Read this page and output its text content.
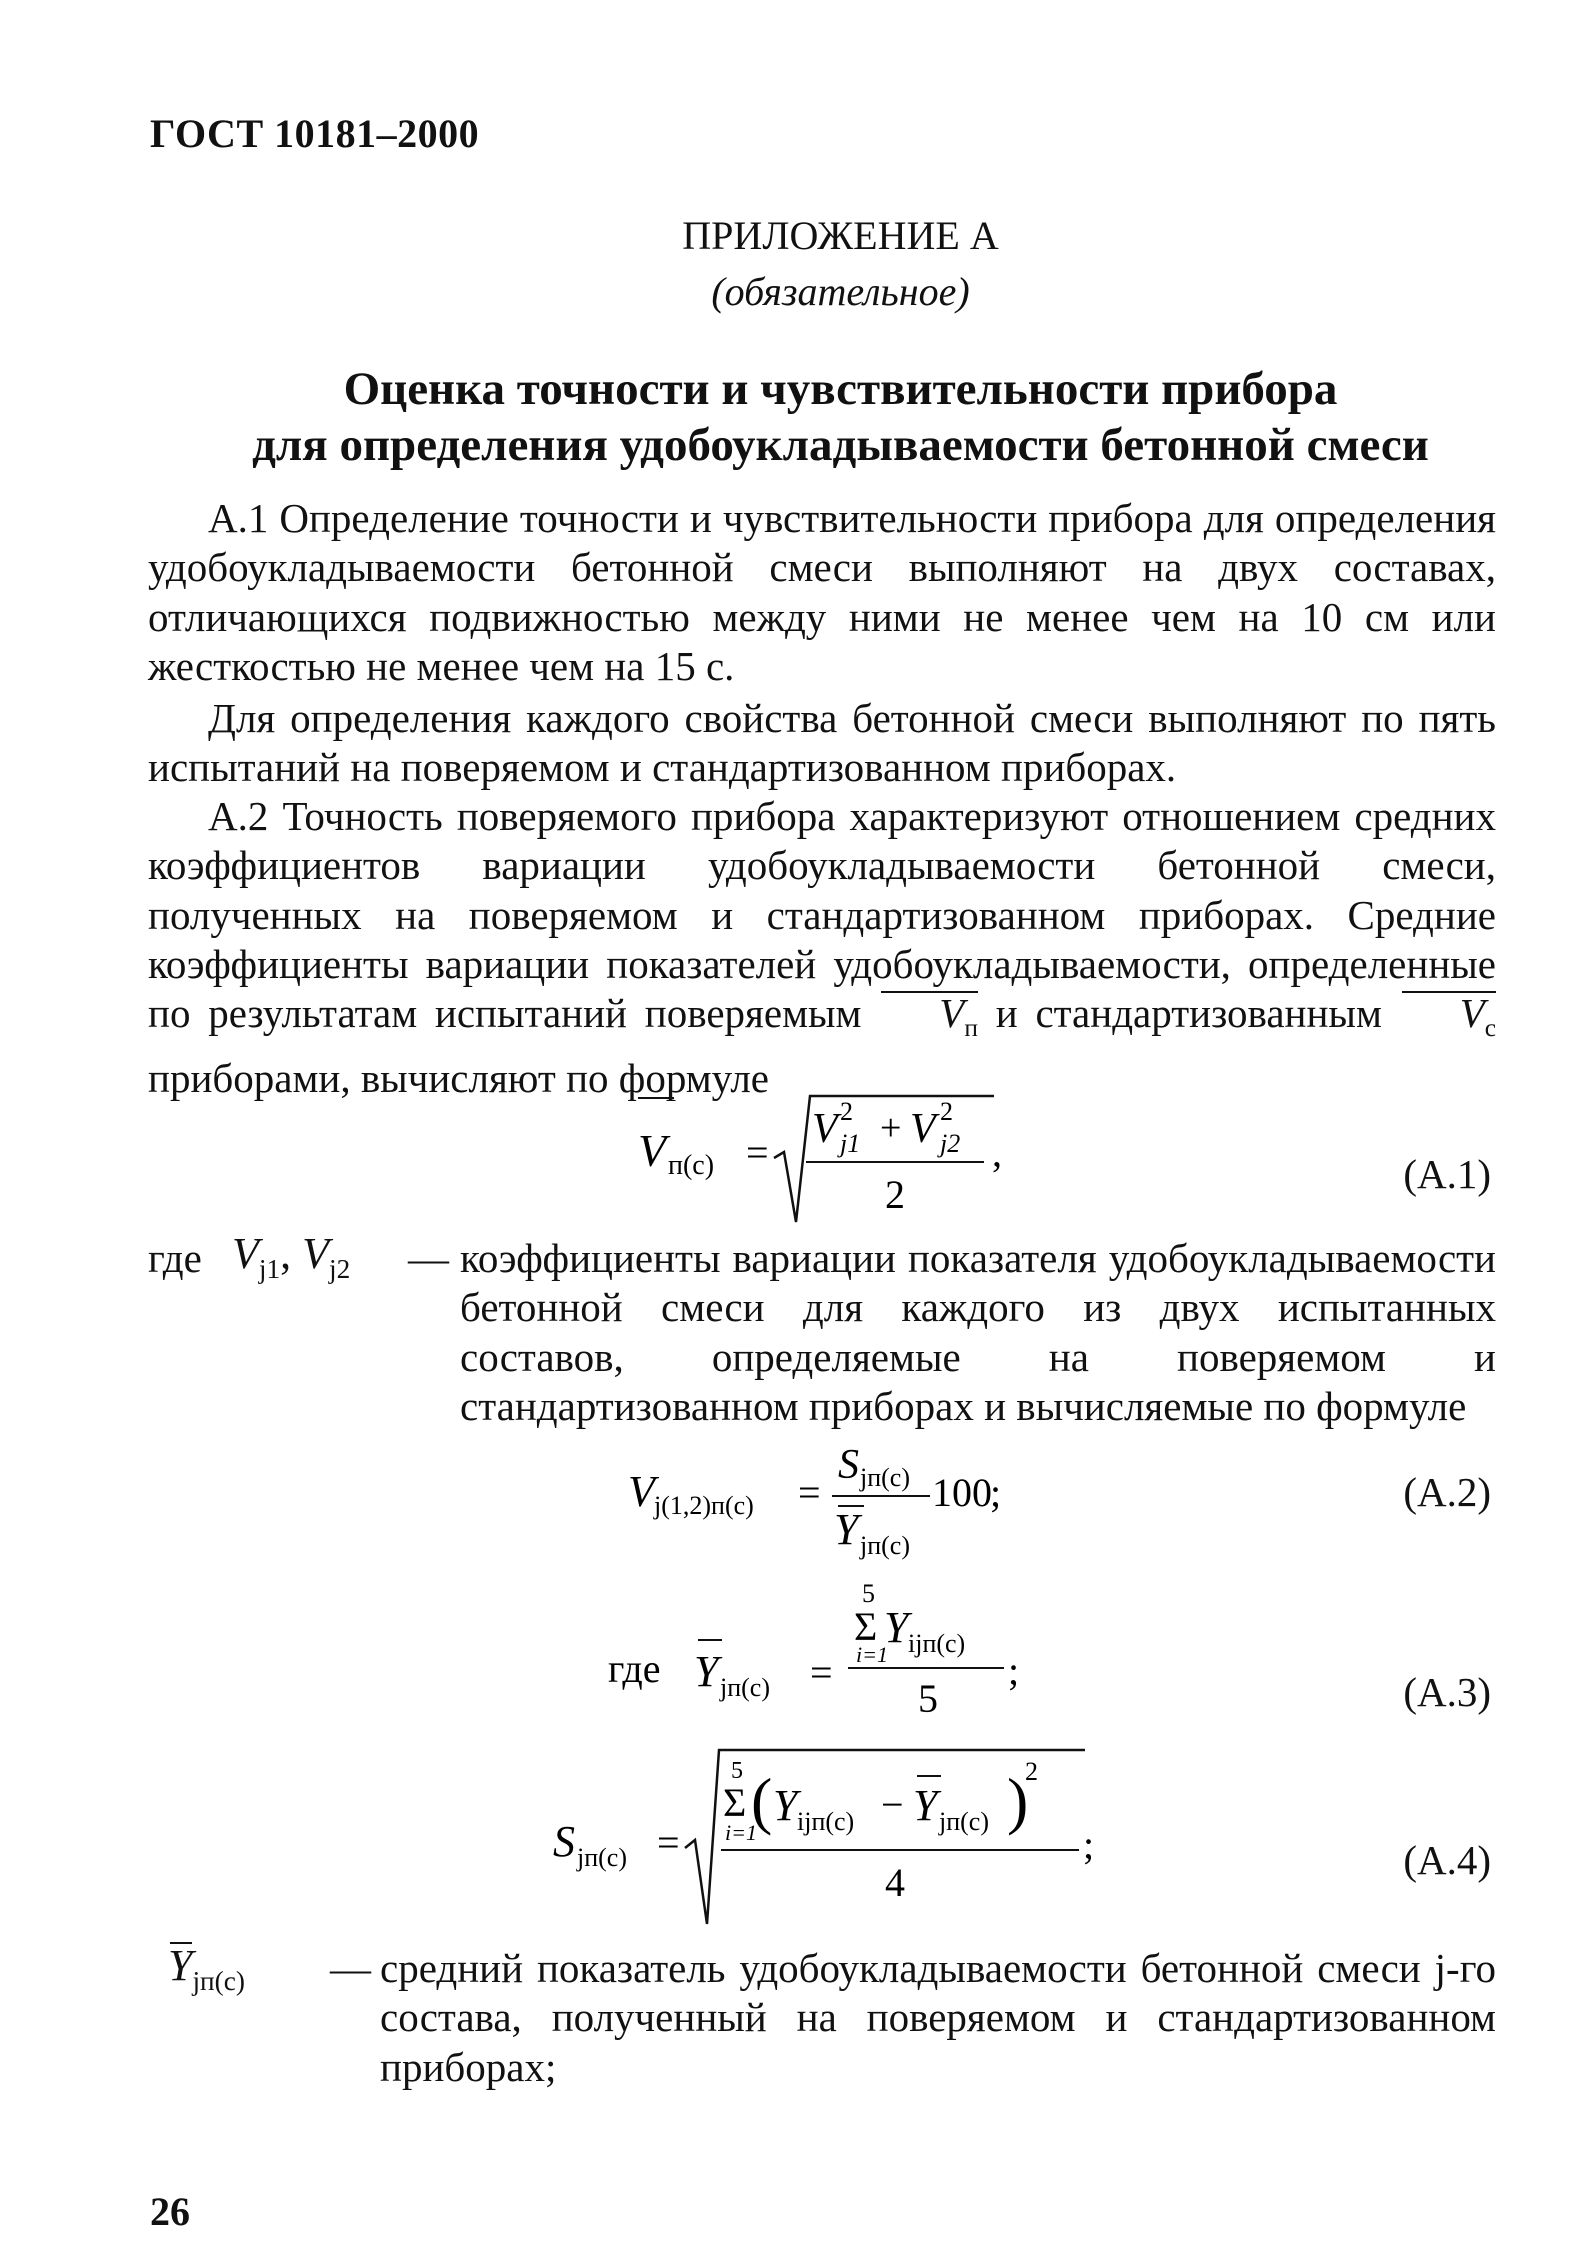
ГОСТ 10181–2000
ПРИЛОЖЕНИЕ А
(обязательное)
Оценка точности и чувствительности прибора
для определения удобоукладываемости бетонной смеси
А.1 Определение точности и чувствительности прибора для определения удобоукладываемости бетонной смеси выполняют на двух составах, отличающихся подвижностью между ними не менее чем на 10 см или жесткостью не менее чем на 15 с.
Для определения каждого свойства бетонной смеси выполняют по пять испытаний на поверяемом и стандартизованном приборах.
А.2 Точность поверяемого прибора характеризуют отношением средних коэффициентов вариации удобоукладываемости бетонной смеси, полученных на поверяемом и стандартизованном приборах. Средние коэффициенты вариации показателей удобоукладываемости, определенные по результатам испытаний поверяемым $V_п$ и стандартизованным $V_с$ приборами, вычисляют по формуле
V п(с) =
V 2
j1 + V 2
j2
2
,	(А.1)
где $V_{j1}$, $V_{j2}$ — коэффициенты вариации показателя удобоукладываемости бетонной смеси для каждого из двух испытанных составов, определяемые на поверяемом и стандартизованном приборах и вычисляемые по формуле
V j(1,2)п(с) =
S jп(с)
Y jп(с)
100
;	(А.2)
где Y jп(с) =
5
Σ
i=1
Y ijп(с)
5
;	(А.3)
S jп(с) =
5
Σ
i=1
( Y ijп(с) − Y jп(с) )
2
4
;	(А.4)
$Y_{jп(с)}$ — средний показатель удобоукладываемости бетонной смеси j-го состава, полученный на поверяемом и стандартизованном приборах;
26
